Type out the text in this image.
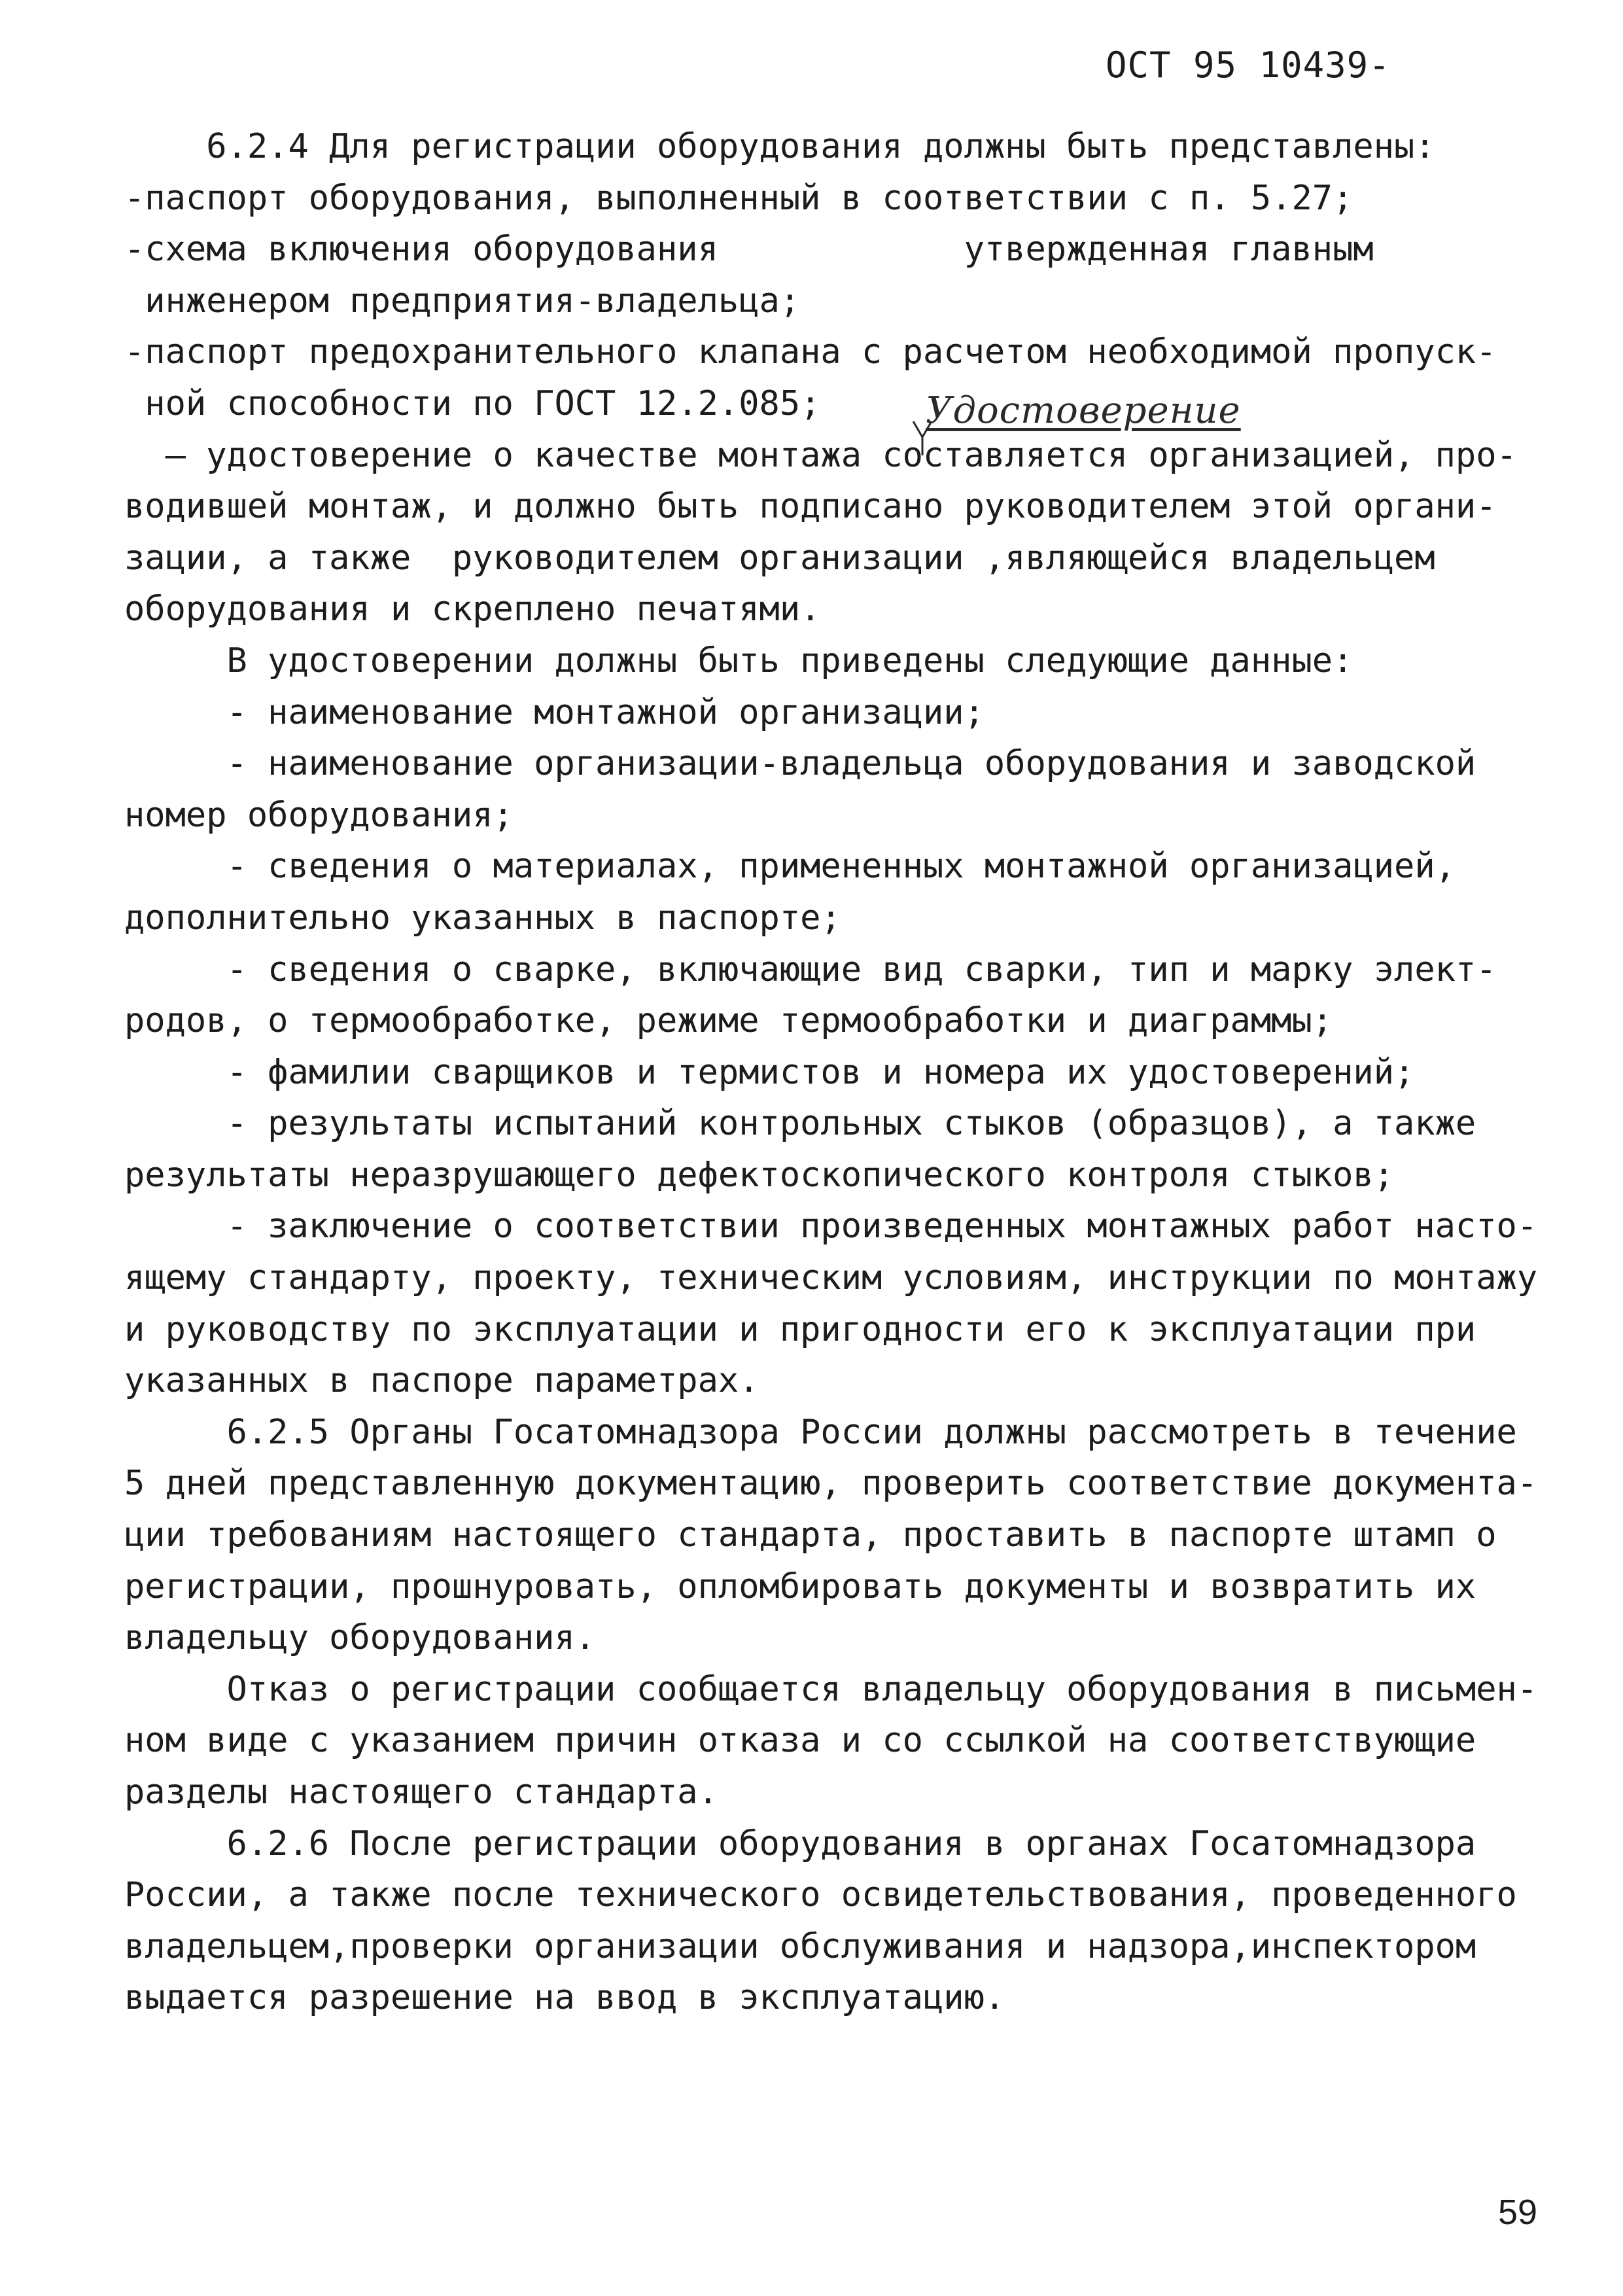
ОСТ 95 10439-
Удостоверение
6.2.4 Для регистрации оборудования должны быть представлены:
-паспорт оборудования, выполненный в соответствии с п. 5.27;
-схема включения оборудования            утвержденная главным
инженером предприятия-владельца;
-паспорт предохранительного клапана с расчетом необходимой пропуск-
ной способности по ГОСТ 12.2.085;
— удостоверение о качестве монтажа составляется организацией, про-
водившей монтаж, и должно быть подписано руководителем этой органи-
зации, а также  руководителем организации ,являющейся владельцем
оборудования и скреплено печатями.
В удостоверении должны быть приведены следующие данные:
- наименование монтажной организации;
- наименование организации-владельца оборудования и заводской
номер оборудования;
- сведения о материалах, примененных монтажной организацией,
дополнительно указанных в паспорте;
- сведения о сварке, включающие вид сварки, тип и марку элект-
родов, о термообработке, режиме термообработки и диаграммы;
- фамилии сварщиков и термистов и номера их удостоверений;
- результаты испытаний контрольных стыков (образцов), а также
результаты неразрушающего дефектоскопического контроля стыков;
- заключение о соответствии произведенных монтажных работ насто-
ящему стандарту, проекту, техническим условиям, инструкции по монтажу
и руководству по эксплуатации и пригодности его к эксплуатации при
указанных в паспоре параметрах.
6.2.5 Органы Госатомнадзора России должны рассмотреть в течение
5 дней представленную документацию, проверить соответствие документа-
ции требованиям настоящего стандарта, проставить в паспорте штамп о
регистрации, прошнуровать, опломбировать документы и возвратить их
владельцу оборудования.
Отказ о регистрации сообщается владельцу оборудования в письмен-
ном виде с указанием причин отказа и со ссылкой на соответствующие
разделы настоящего стандарта.
6.2.6 После регистрации оборудования в органах Госатомнадзора
России, а также после технического освидетельствования, проведенного
владельцем,проверки организации обслуживания и надзора,инспектором
выдается разрешение на ввод в эксплуатацию.
59
